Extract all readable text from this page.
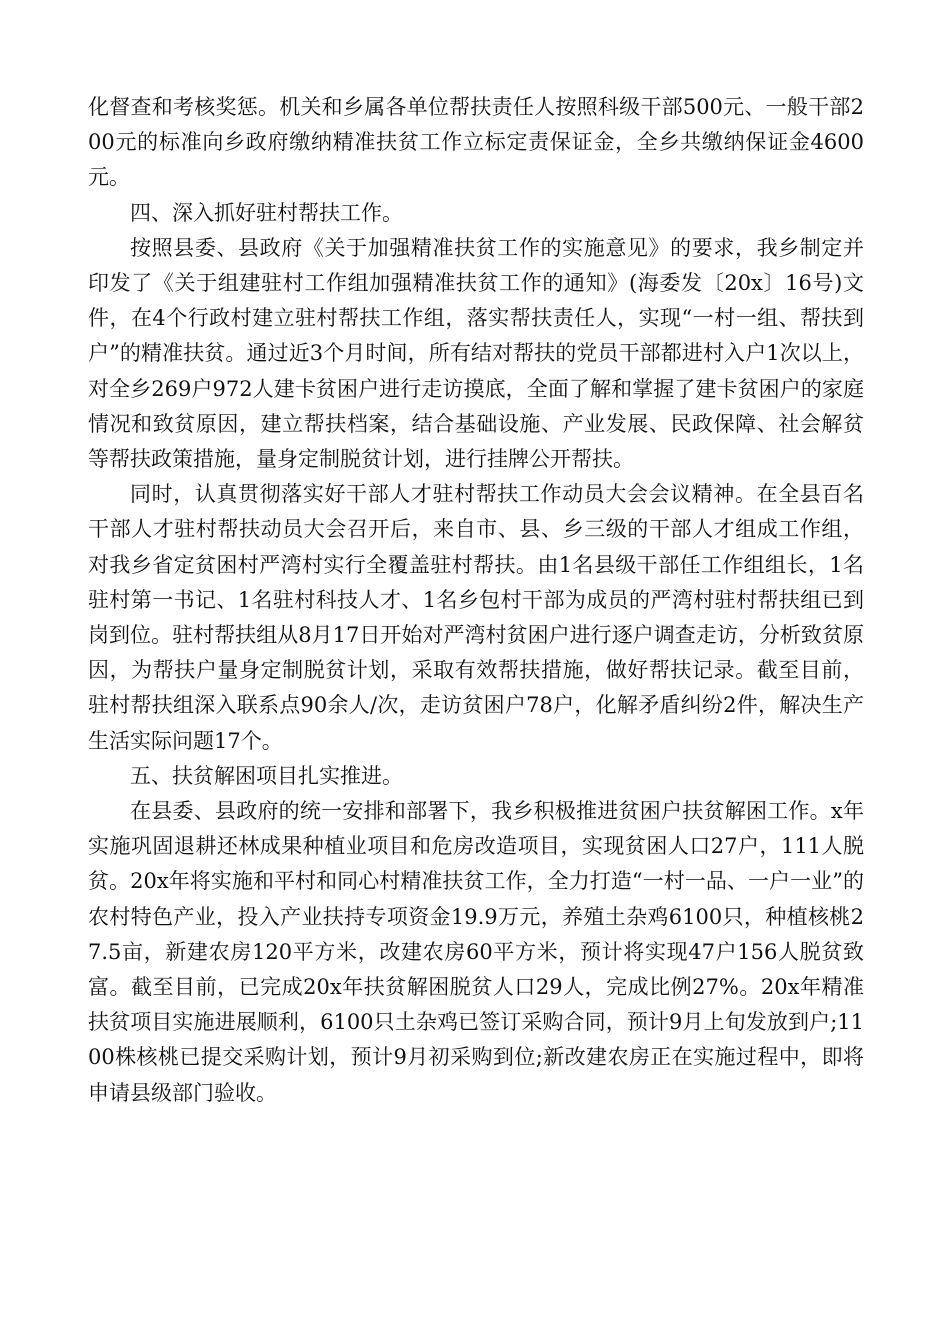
化督查和考核奖惩。机关和乡属各单位帮扶责任人按照科级干部500元、一般干部200元的标准向乡政府缴纳精准扶贫工作立标定责保证金，全乡共缴纳保证金4600元。

四、深入抓好驻村帮扶工作。

按照县委、县政府《关于加强精准扶贫工作的实施意见》的要求，我乡制定并印发了《关于组建驻村工作组加强精准扶贫工作的通知》(海委发〔20x〕16号)文件，在4个行政村建立驻村帮扶工作组，落实帮扶责任人，实现“一村一组、帮扶到户”的精准扶贫。通过近3个月时间，所有结对帮扶的党员干部都进村入户1次以上，对全乡269户972人建卡贫困户进行走访摸底，全面了解和掌握了建卡贫困户的家庭情况和致贫原因，建立帮扶档案，结合基础设施、产业发展、民政保障、社会解贫等帮扶政策措施，量身定制脱贫计划，进行挂牌公开帮扶。

同时，认真贯彻落实好干部人才驻村帮扶工作动员大会会议精神。在全县百名干部人才驻村帮扶动员大会召开后，来自市、县、乡三级的干部人才组成工作组，对我乡省定贫困村严湾村实行全覆盖驻村帮扶。由1名县级干部任工作组组长，1名驻村第一书记、1名驻村科技人才、1名乡包村干部为成员的严湾村驻村帮扶组已到岗到位。驻村帮扶组从8月17日开始对严湾村贫困户进行逐户调查走访，分析致贫原因，为帮扶户量身定制脱贫计划，采取有效帮扶措施，做好帮扶记录。截至目前，驻村帮扶组深入联系点90余人/次，走访贫困户78户，化解矛盾纠纷2件，解决生产生活实际问题17个。

五、扶贫解困项目扎实推进。

在县委、县政府的统一安排和部署下，我乡积极推进贫困户扶贫解困工作。x年实施巩固退耕还林成果种植业项目和危房改造项目，实现贫困人口27户，111人脱贫。20x年将实施和平村和同心村精准扶贫工作，全力打造“一村一品、一户一业”的农村特色产业，投入产业扶持专项资金19.9万元，养殖土杂鸡6100只，种植核桃27.5亩，新建农房120平方米，改建农房60平方米，预计将实现47户156人脱贫致富。截至目前，已完成20x年扶贫解困脱贫人口29人，完成比例27%。20x年精准扶贫项目实施进展顺利，6100只土杂鸡已签订采购合同，预计9月上旬发放到户;1100株核桃已提交采购计划，预计9月初采购到位;新改建农房正在实施过程中，即将申请县级部门验收。
